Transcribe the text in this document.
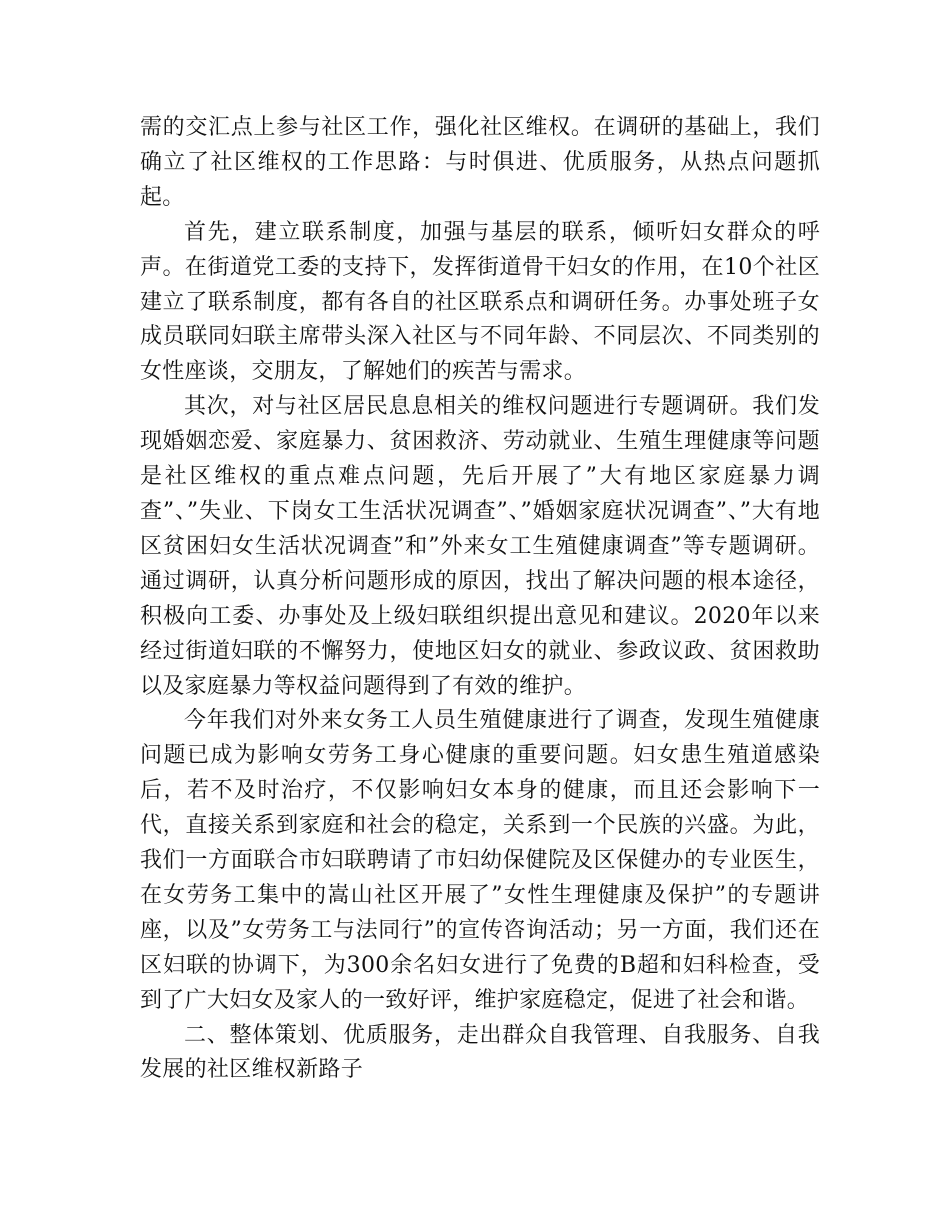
需的交汇点上参与社区工作，强化社区维权。在调研的基础上，我们确立了社区维权的工作思路：与时俱进、优质服务，从热点问题抓起。

首先，建立联系制度，加强与基层的联系，倾听妇女群众的呼声。在街道党工委的支持下，发挥街道骨干妇女的作用，在10个社区建立了联系制度，都有各自的社区联系点和调研任务。办事处班子女成员联同妇联主席带头深入社区与不同年龄、不同层次、不同类别的女性座谈，交朋友，了解她们的疾苦与需求。

其次，对与社区居民息息相关的维权问题进行专题调研。我们发现婚姻恋爱、家庭暴力、贫困救济、劳动就业、生殖生理健康等问题是社区维权的重点难点问题，先后开展了”大有地区家庭暴力调查”、”失业、下岗女工生活状况调查”、”婚姻家庭状况调查”、”大有地区贫困妇女生活状况调查”和”外来女工生殖健康调查”等专题调研。通过调研，认真分析问题形成的原因，找出了解决问题的根本途径，积极向工委、办事处及上级妇联组织提出意见和建议。2020年以来经过街道妇联的不懈努力，使地区妇女的就业、参政议政、贫困救助以及家庭暴力等权益问题得到了有效的维护。

今年我们对外来女务工人员生殖健康进行了调查，发现生殖健康问题已成为影响女劳务工身心健康的重要问题。妇女患生殖道感染后，若不及时治疗，不仅影响妇女本身的健康，而且还会影响下一代，直接关系到家庭和社会的稳定，关系到一个民族的兴盛。为此，我们一方面联合市妇联聘请了市妇幼保健院及区保健办的专业医生，在女劳务工集中的嵩山社区开展了”女性生理健康及保护”的专题讲座，以及”女劳务工与法同行”的宣传咨询活动；另一方面，我们还在区妇联的协调下，为300余名妇女进行了免费的B超和妇科检查，受到了广大妇女及家人的一致好评，维护家庭稳定，促进了社会和谐。

二、整体策划、优质服务，走出群众自我管理、自我服务、自我发展的社区维权新路子
